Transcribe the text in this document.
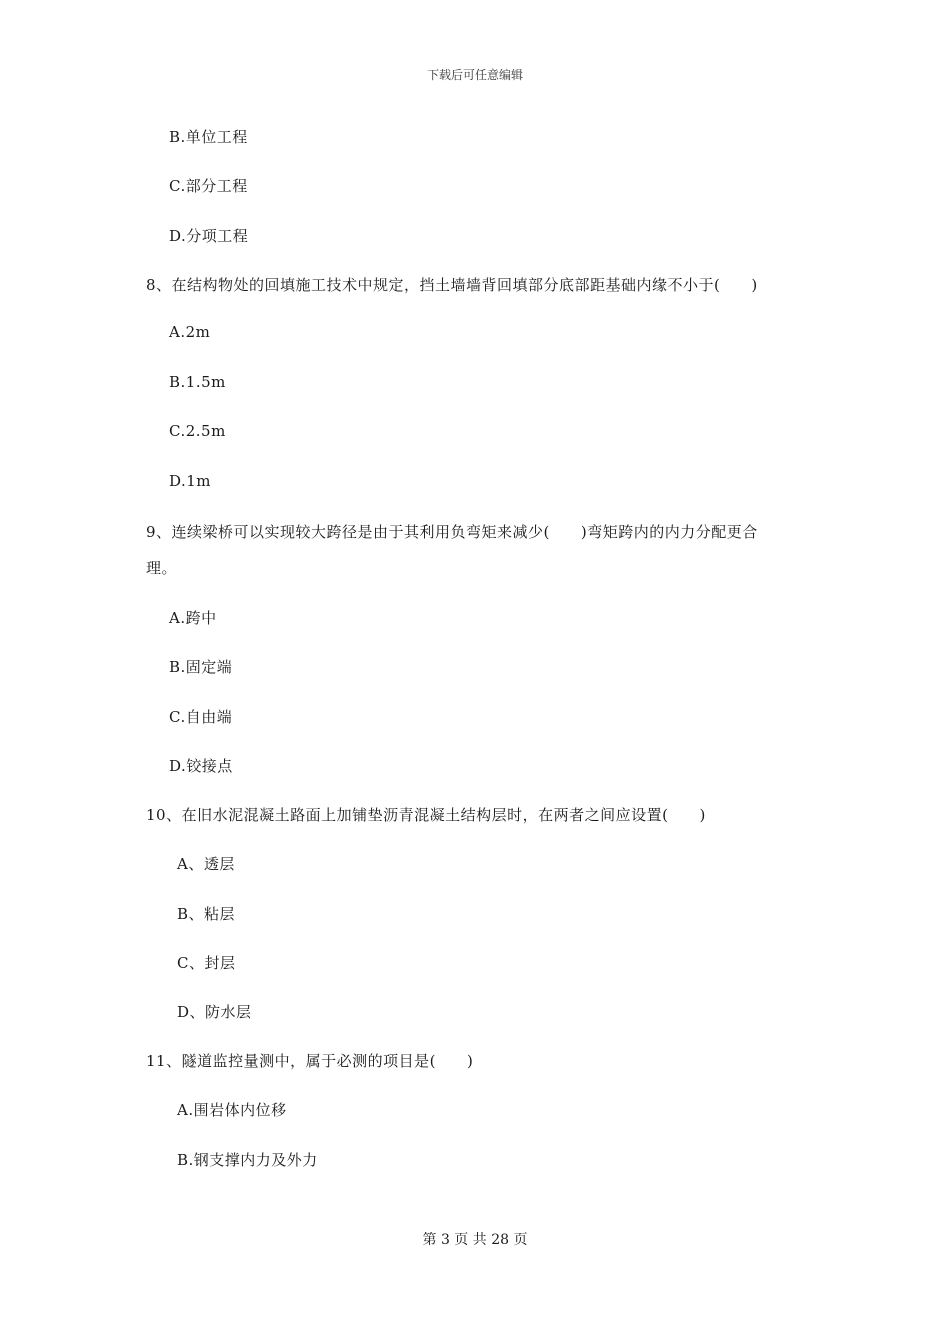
下载后可任意编辑
B.单位工程
C.部分工程
D.分项工程
8、在结构物处的回填施工技术中规定，挡土墙墙背回填部分底部距基础内缘不小于(　　)
A.2m
B.1.5m
C.2.5m
D.1m
9、连续梁桥可以实现较大跨径是由于其利用负弯矩来减少(　　)弯矩跨内的内力分配更合
理。
A.跨中
B.固定端
C.自由端
D.铰接点
10、在旧水泥混凝土路面上加铺垫沥青混凝土结构层时，在两者之间应设置(　　)
A、透层
B、粘层
C、封层
D、防水层
11、隧道监控量测中，属于必测的项目是(　　)
A.围岩体内位移
B.钢支撑内力及外力
第 3 页 共 28 页
